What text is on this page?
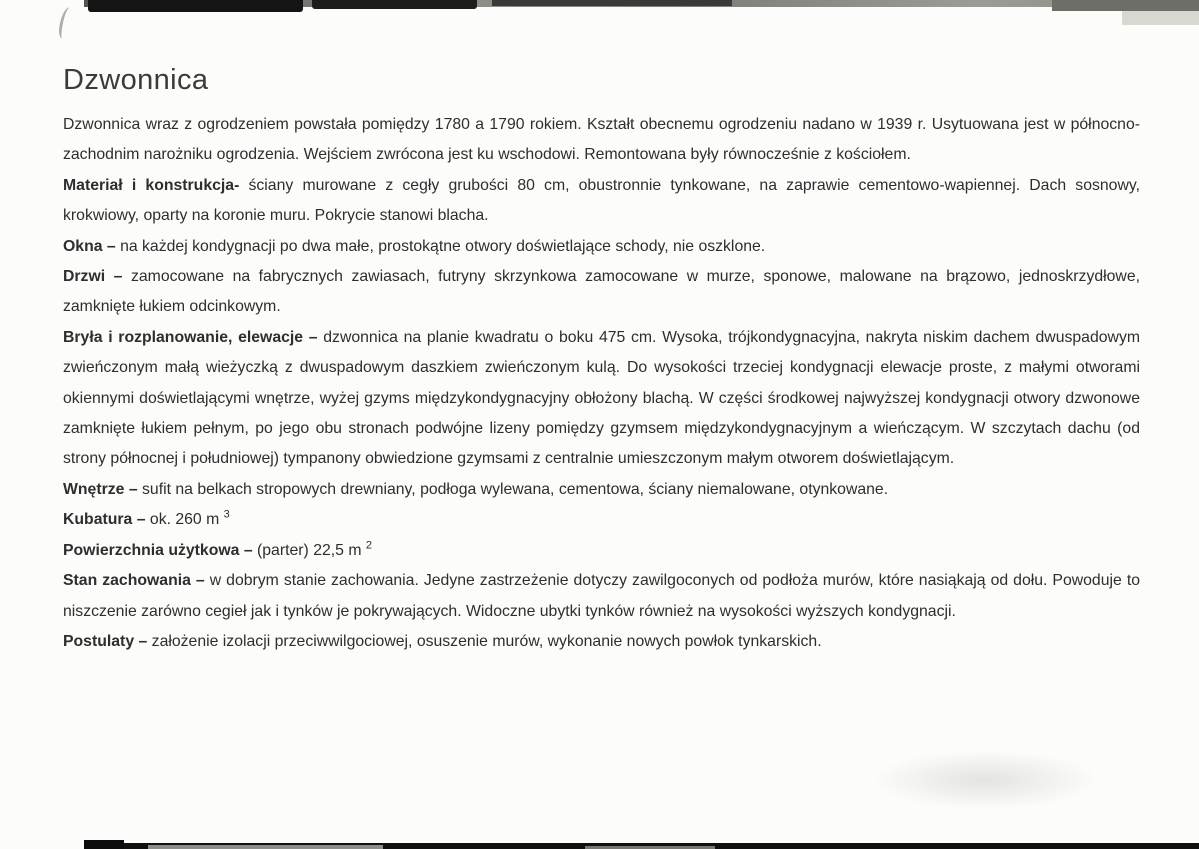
Dzwonnica

Dzwonnica wraz z ogrodzeniem powstała pomiędzy 1780 a 1790 rokiem. Kształt obecnemu ogrodzeniu nadano w 1939 r. Usytuowana jest w północno-zachodnim narożniku ogrodzenia. Wejściem zwrócona jest ku wschodowi. Remontowana były równocześnie z kościołem.

Materiał i konstrukcja- ściany murowane z cegły grubości 80 cm, obustronnie tynkowane, na zaprawie cementowo-wapiennej. Dach sosnowy, krokwiowy, oparty na koronie muru. Pokrycie stanowi blacha.

Okna – na każdej kondygnacji po dwa małe, prostokątne otwory doświetlające schody, nie oszklone.

Drzwi – zamocowane na fabrycznych zawiasach, futryny skrzynkowa zamocowane w murze, sponowe, malowane na brązowo, jednoskrzydłowe, zamknięte łukiem odcinkowym.

Bryła i rozplanowanie, elewacje – dzwonnica na planie kwadratu o boku 475 cm. Wysoka, trójkondygnacyjna, nakryta niskim dachem dwuspadowym zwieńczonym małą wieżyczką z dwuspadowym daszkiem zwieńczonym kulą. Do wysokości trzeciej kondygnacji elewacje proste, z małymi otworami okiennymi doświetlającymi wnętrze, wyżej gzyms międzykondygnacyjny obłożony blachą. W części środkowej najwyższej kondygnacji otwory dzwonowe zamknięte łukiem pełnym, po jego obu stronach podwójne lizeny pomiędzy gzymsem międzykondygnacyjnym a wieńczącym. W szczytach dachu (od strony północnej i południowej) tympanony obwiedzione gzymsami z centralnie umieszczonym małym otworem doświetlającym.

Wnętrze – sufit na belkach stropowych drewniany, podłoga wylewana, cementowa, ściany niemalowane, otynkowane.

Kubatura – ok. 260 m $^3$

Powierzchnia użytkowa – (parter) 22,5 m $^2$

Stan zachowania – w dobrym stanie zachowania. Jedyne zastrzeżenie dotyczy zawilgoconych od podłoża murów, które nasiąkają od dołu. Powoduje to niszczenie zarówno cegieł jak i tynków je pokrywających. Widoczne ubytki tynków również na wysokości wyższych kondygnacji.

Postulaty – założenie izolacji przeciwwilgociowej, osuszenie murów, wykonanie nowych powłok tynkarskich.
